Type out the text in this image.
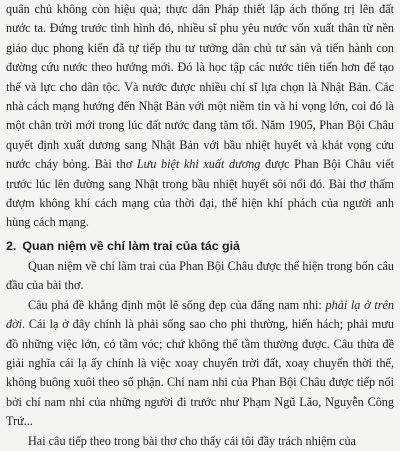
quân chủ không còn hiệu quả; thực dân Pháp thiết lập ách thống trị lên đất nước ta. Đứng trước tình hình đó, nhiều sĩ phu yêu nước vốn xuất thân từ nền giáo dục phong kiến đã tự tiếp thu tư tưởng dân chủ tư sản và tiến hành con đường cứu nước theo hướng mới. Đó là học tập các nước tiên tiến hơn để tạo thế và lực cho dân tộc. Và nước được nhiều chí sĩ lựa chọn là Nhật Bản. Các nhà cách mạng hướng đến Nhật Bản với một niềm tin và hi vọng lớn, coi đó là một chân trời mới trong lúc đất nước đang tăm tối. Năm 1905, Phan Bội Châu quyết định xuất dương sang Nhật Bản với bầu nhiệt huyết và khát vọng cứu nước cháy bỏng. Bài thơ Lưu biệt khi xuất dương được Phan Bội Châu viết trước lúc lên đường sang Nhật trong bầu nhiệt huyết sôi nổi đó. Bài thơ thấm đượm không khí cách mạng của thời đại, thể hiện khí phách của người anh hùng cách mạng.

2. Quan niệm về chí làm trai của tác giả

Quan niệm về chí làm trai của Phan Bội Châu được thể hiện trong bốn câu đầu của bài thơ.

Câu phá đề khẳng định một lẽ sống đẹp của đấng nam nhi: phải lạ ở trên đời. Cái lạ ở đây chính là phải sống sao cho phi thường, hiển hách; phải mưu đồ những việc lớn, có tầm vóc; chứ không thể tầm thường được. Câu thừa đề giải nghĩa cái lạ ấy chính là việc xoay chuyển trời đất, xoay chuyển thời thế, không buông xuôi theo số phận. Chí nam nhi của Phan Bội Châu được tiếp nối bởi chí nam nhi của những người đi trước như Phạm Ngũ Lão, Nguyễn Công Trứ...

Hai câu tiếp theo trong bài thơ cho thấy cái tôi đầy trách nhiệm của
